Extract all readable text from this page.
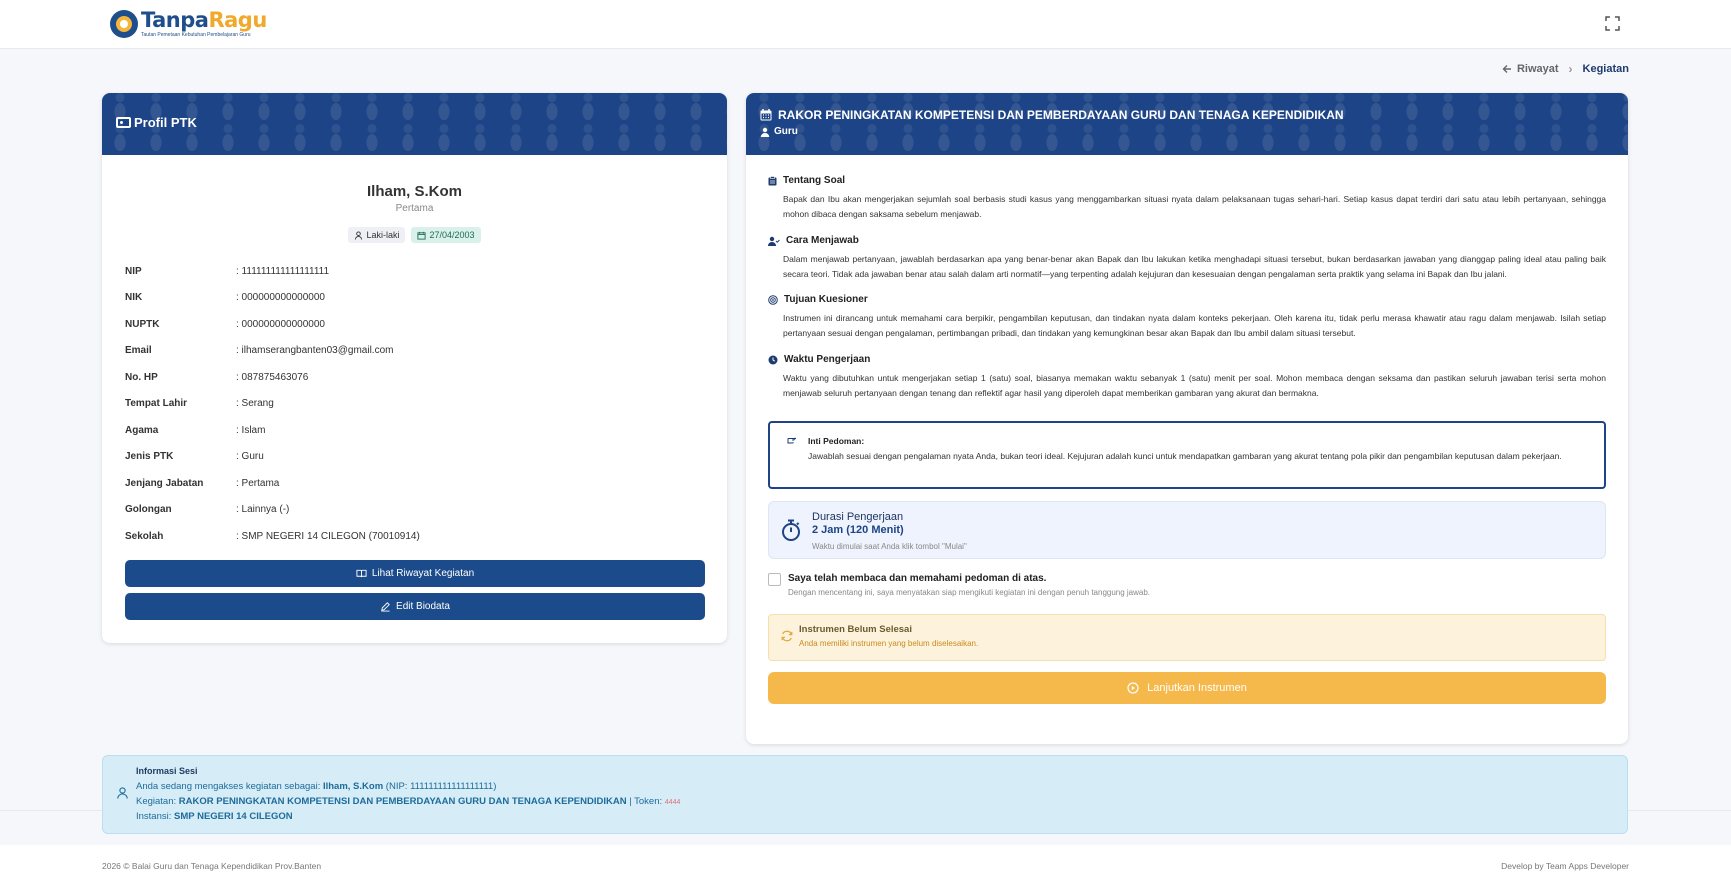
TanpaRagu
Tautan Pemetaan Kebutuhan Pembelajaran Guru
Riwayat › Kegiatan
Profil PTK
Ilham, S.Kom
Pertama
Laki-laki	27/04/2003
NIP	: 111111111111111111
NIK	: 000000000000000
NUPTK	: 000000000000000
Email	: ilhamserangbanten03@gmail.com
No. HP	: 087875463076
Tempat Lahir	: Serang
Agama	: Islam
Jenis PTK	: Guru
Jenjang Jabatan	: Pertama
Golongan	: Lainnya (-)
Sekolah	: SMP NEGERI 14 CILEGON (70010914)
Lihat Riwayat Kegiatan
Edit Biodata
RAKOR PENINGKATAN KOMPETENSI DAN PEMBERDAYAAN GURU DAN TENAGA KEPENDIDIKAN
Guru
Tentang Soal
Bapak dan Ibu akan mengerjakan sejumlah soal berbasis studi kasus yang menggambarkan situasi nyata dalam pelaksanaan tugas sehari-hari. Setiap kasus dapat terdiri dari satu atau lebih pertanyaan, sehingga mohon dibaca dengan saksama sebelum menjawab.
Cara Menjawab
Dalam menjawab pertanyaan, jawablah berdasarkan apa yang benar-benar akan Bapak dan Ibu lakukan ketika menghadapi situasi tersebut, bukan berdasarkan jawaban yang dianggap paling ideal atau paling baik secara teori. Tidak ada jawaban benar atau salah dalam arti normatif—yang terpenting adalah kejujuran dan kesesuaian dengan pengalaman serta praktik yang selama ini Bapak dan Ibu jalani.
Tujuan Kuesioner
Instrumen ini dirancang untuk memahami cara berpikir, pengambilan keputusan, dan tindakan nyata dalam konteks pekerjaan. Oleh karena itu, tidak perlu merasa khawatir atau ragu dalam menjawab. Isilah setiap pertanyaan sesuai dengan pengalaman, pertimbangan pribadi, dan tindakan yang kemungkinan besar akan Bapak dan Ibu ambil dalam situasi tersebut.
Waktu Pengerjaan
Waktu yang dibutuhkan untuk mengerjakan setiap 1 (satu) soal, biasanya memakan waktu sebanyak 1 (satu) menit per soal. Mohon membaca dengan seksama dan pastikan seluruh jawaban terisi serta mohon menjawab seluruh pertanyaan dengan tenang dan reflektif agar hasil yang diperoleh dapat memberikan gambaran yang akurat dan bermakna.
Inti Pedoman:
Jawablah sesuai dengan pengalaman nyata Anda, bukan teori ideal. Kejujuran adalah kunci untuk mendapatkan gambaran yang akurat tentang pola pikir dan pengambilan keputusan dalam pekerjaan.
Durasi Pengerjaan
2 Jam (120 Menit)
Waktu dimulai saat Anda klik tombol "Mulai"
Saya telah membaca dan memahami pedoman di atas.
Dengan mencentang ini, saya menyatakan siap mengikuti kegiatan ini dengan penuh tanggung jawab.
Instrumen Belum Selesai
Anda memiliki instrumen yang belum diselesaikan.
Lanjutkan Instrumen
Informasi Sesi
Anda sedang mengakses kegiatan sebagai: Ilham, S.Kom (NIP: 111111111111111111)
Kegiatan: RAKOR PENINGKATAN KOMPETENSI DAN PEMBERDAYAAN GURU DAN TENAGA KEPENDIDIKAN | Token: 4444
Instansi: SMP NEGERI 14 CILEGON
2026 © Balai Guru dan Tenaga Kependidikan Prov.Banten	Develop by Team Apps Developer
